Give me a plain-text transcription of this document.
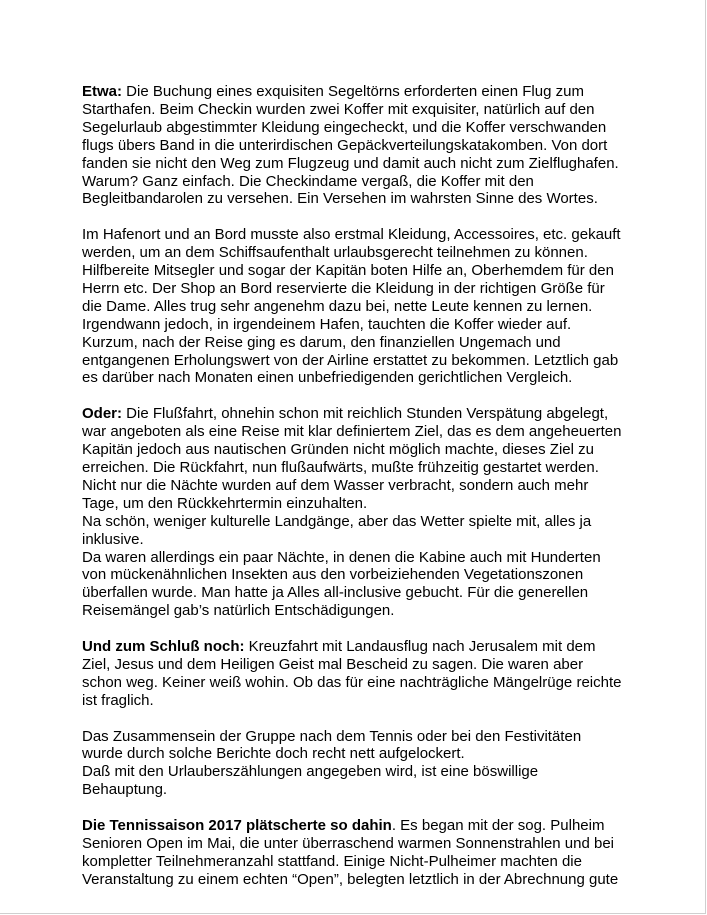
Etwa: Die Buchung eines exquisiten Segeltörns erforderten einen Flug zum
Starthafen. Beim Checkin wurden zwei Koffer mit exquisiter, natürlich auf den
Segelurlaub abgestimmter Kleidung eingecheckt, und die Koffer verschwanden
flugs übers Band in die unterirdischen Gepäckverteilungskatakomben. Von dort
fanden sie nicht den Weg zum Flugzeug und damit auch nicht zum Zielflughafen.
Warum? Ganz einfach. Die Checkindame vergaß, die Koffer mit den
Begleitbandarolen zu versehen. Ein Versehen im wahrsten Sinne des Wortes.
Im Hafenort und an Bord musste also erstmal Kleidung, Accessoires, etc. gekauft
werden, um an dem Schiffsaufenthalt urlaubsgerecht teilnehmen zu können.
Hilfbereite Mitsegler und sogar der Kapitän boten Hilfe an, Oberhemdem für den
Herrn etc. Der Shop an Bord reservierte die Kleidung in der richtigen Größe für
die Dame. Alles trug sehr angenehm dazu bei, nette Leute kennen zu lernen.
Irgendwann jedoch, in irgendeinem Hafen, tauchten die Koffer wieder auf.
Kurzum, nach der Reise ging es darum, den finanziellen Ungemach und
entgangenen Erholungswert von der Airline erstattet zu bekommen. Letztlich gab
es darüber nach Monaten einen unbefriedigenden gerichtlichen Vergleich.
Oder: Die Flußfahrt, ohnehin schon mit reichlich Stunden Verspätung abgelegt,
war angeboten als eine Reise mit klar definiertem Ziel, das es dem angeheuerten
Kapitän jedoch aus nautischen Gründen nicht möglich machte, dieses Ziel zu
erreichen. Die Rückfahrt, nun flußaufwärts, mußte frühzeitig gestartet werden.
Nicht nur die Nächte wurden auf dem Wasser verbracht, sondern auch mehr
Tage, um den Rückkehrtermin einzuhalten.
Na schön, weniger kulturelle Landgänge, aber das Wetter spielte mit, alles ja
inklusive.
Da waren allerdings ein paar Nächte, in denen die Kabine auch mit Hunderten
von mückenähnlichen Insekten aus den vorbeiziehenden Vegetationszonen
überfallen wurde. Man hatte ja Alles all-inclusive gebucht. Für die generellen
Reisemängel gab’s natürlich Entschädigungen.
Und zum Schluß noch: Kreuzfahrt mit Landausflug nach Jerusalem mit dem
Ziel, Jesus und dem Heiligen Geist mal Bescheid zu sagen. Die waren aber
schon weg. Keiner weiß wohin. Ob das für eine nachträgliche Mängelrüge reichte
ist fraglich.
Das Zusammensein der Gruppe nach dem Tennis oder bei den Festivitäten
wurde durch solche Berichte doch recht nett aufgelockert.
Daß mit den Urlauberszählungen angegeben wird, ist eine böswillige
Behauptung.
Die Tennissaison 2017 plätscherte so dahin. Es began mit der sog. Pulheim
Senioren Open im Mai, die unter überraschend warmen Sonnenstrahlen und bei
kompletter Teilnehmeranzahl stattfand. Einige Nicht-Pulheimer machten die
Veranstaltung zu einem echten “Open”, belegten letztlich in der Abrechnung gute
